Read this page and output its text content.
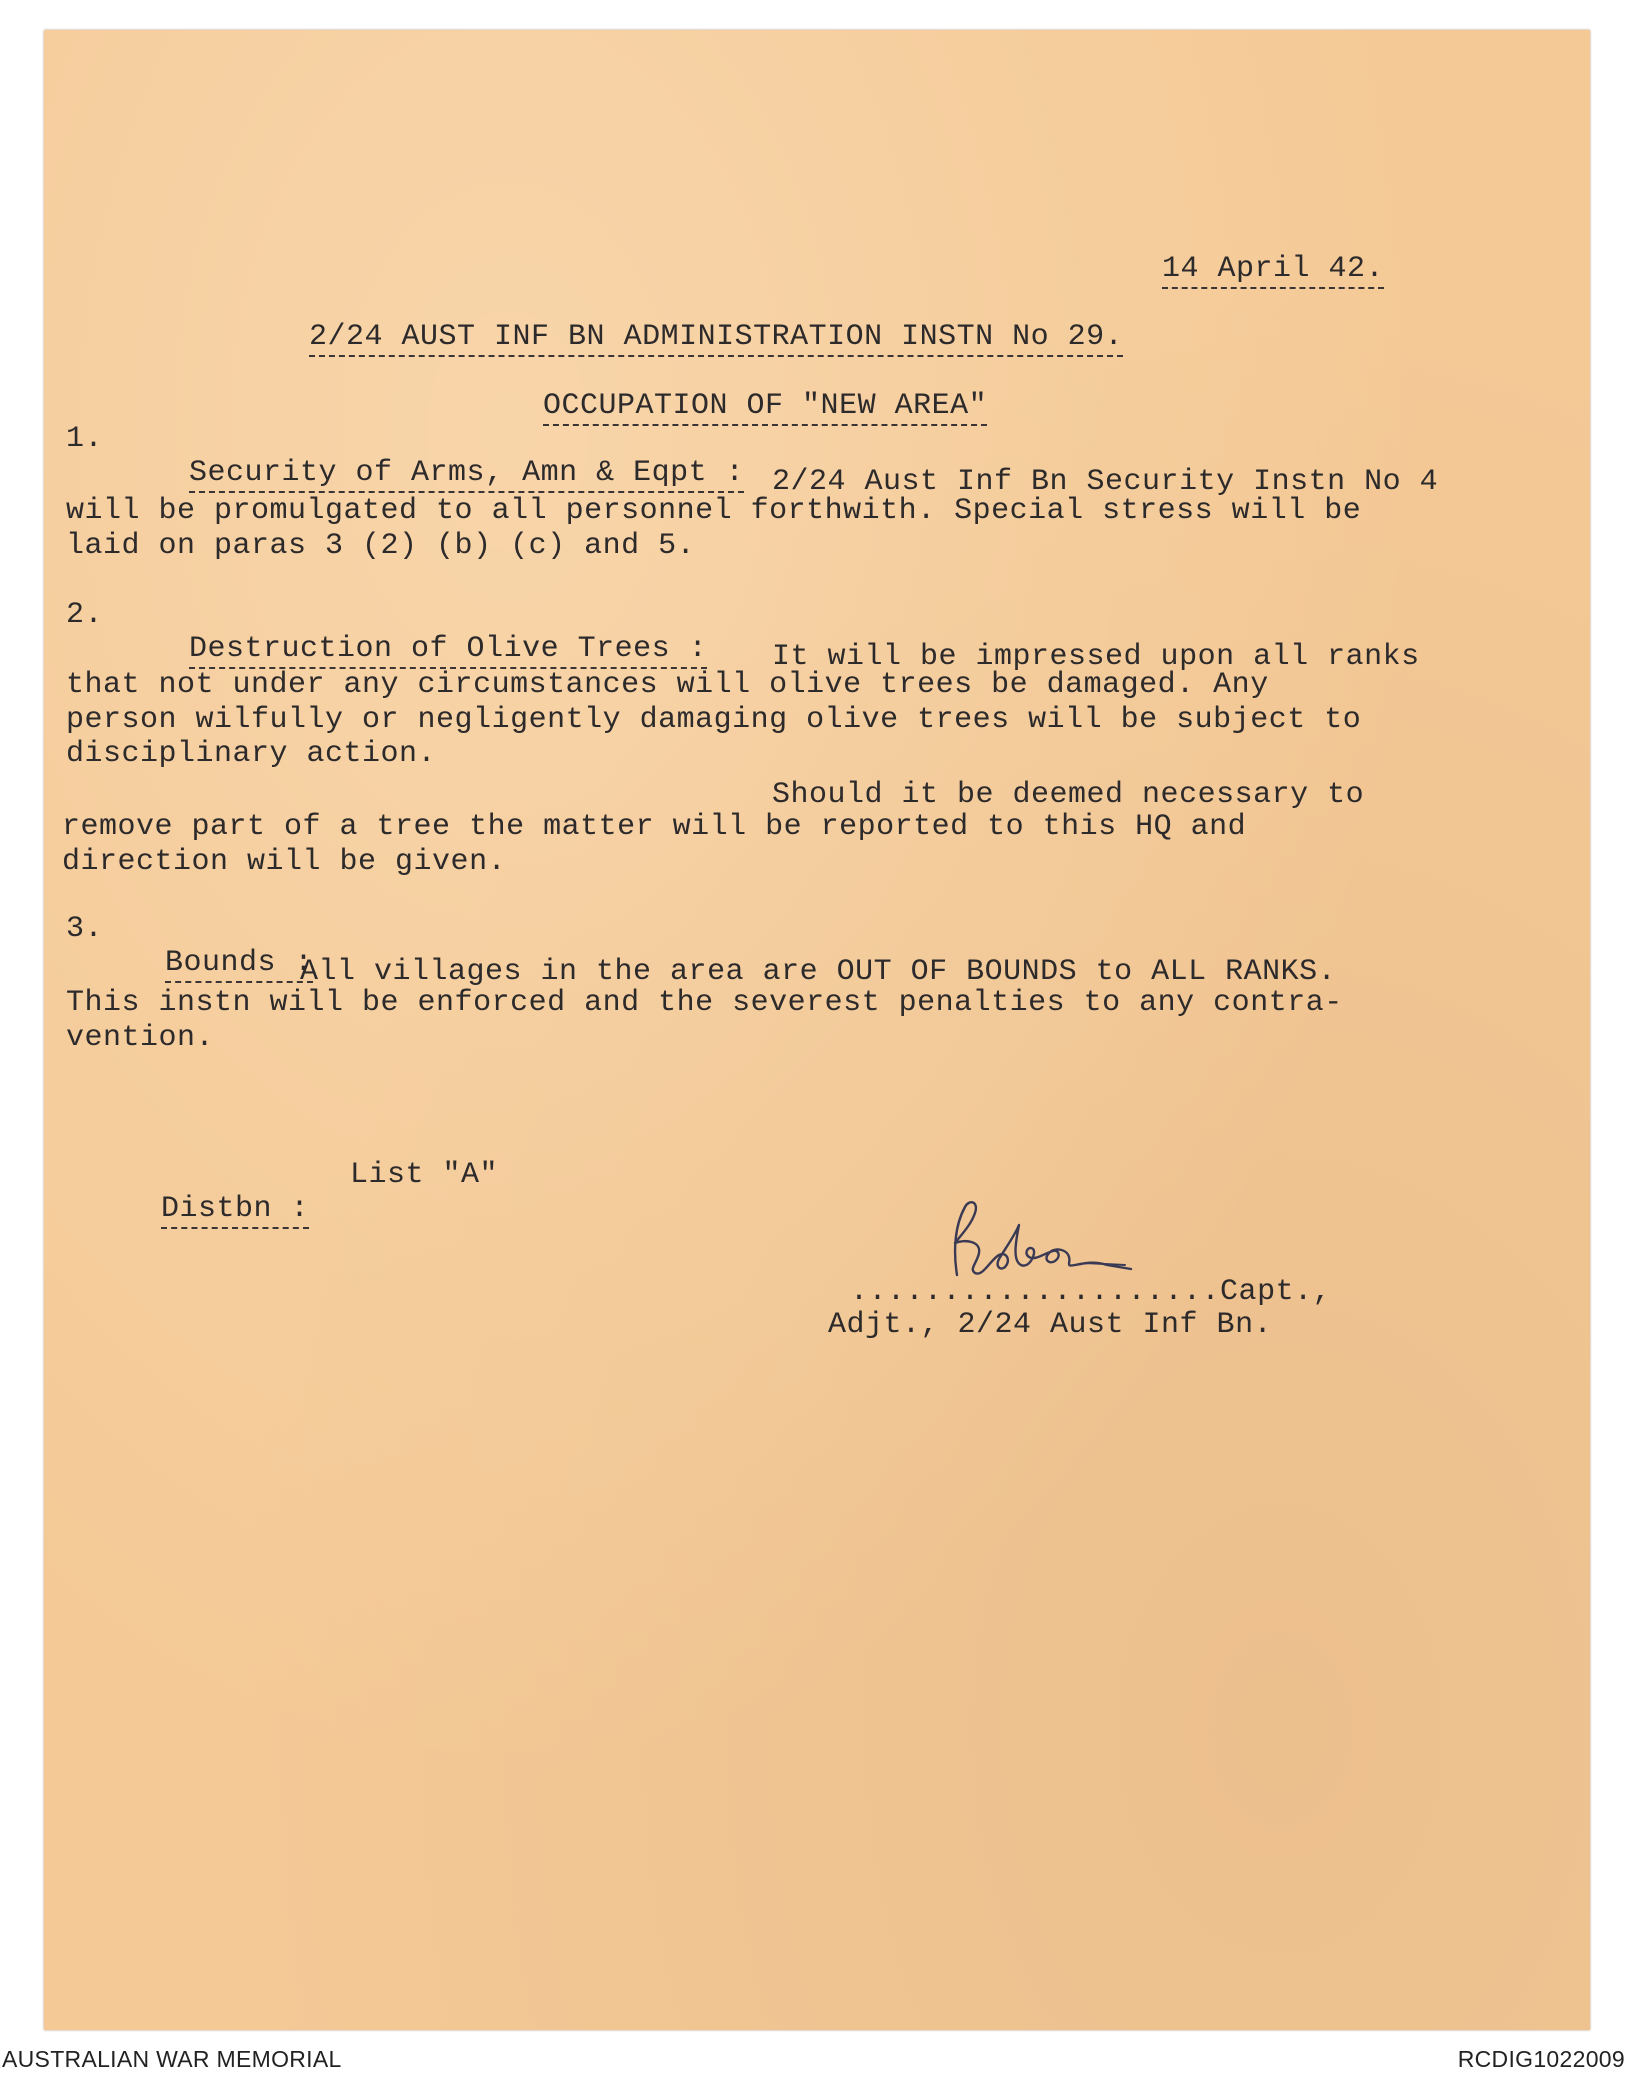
14 April 42.

2/24 AUST INF BN ADMINISTRATION INSTN No 29.

OCCUPATION OF "NEW AREA"

1.

Security of Arms, Amn & Eqpt : 2/24 Aust Inf Bn Security Instn No 4
will be promulgated to all personnel forthwith. Special stress will be
laid on paras 3 (2) (b) (c) and 5.
2.

Destruction of Olive Trees : It will be impressed upon all ranks
that not under any circumstances will olive trees be damaged. Any
person wilfully or negligently damaging olive trees will be subject to
disciplinary action.
Should it be deemed necessary to
remove part of a tree the matter will be reported to this HQ and
direction will be given.
3.

Bounds :

All villages in the area are OUT OF BOUNDS to ALL RANKS.
This instn will be enforced and the severest penalties to any contra-
vention.

Distbn :

List "A"
....................Capt.,
Adjt., 2/24 Aust Inf Bn.
AUSTRALIAN WAR MEMORIAL	RCDIG1022009
